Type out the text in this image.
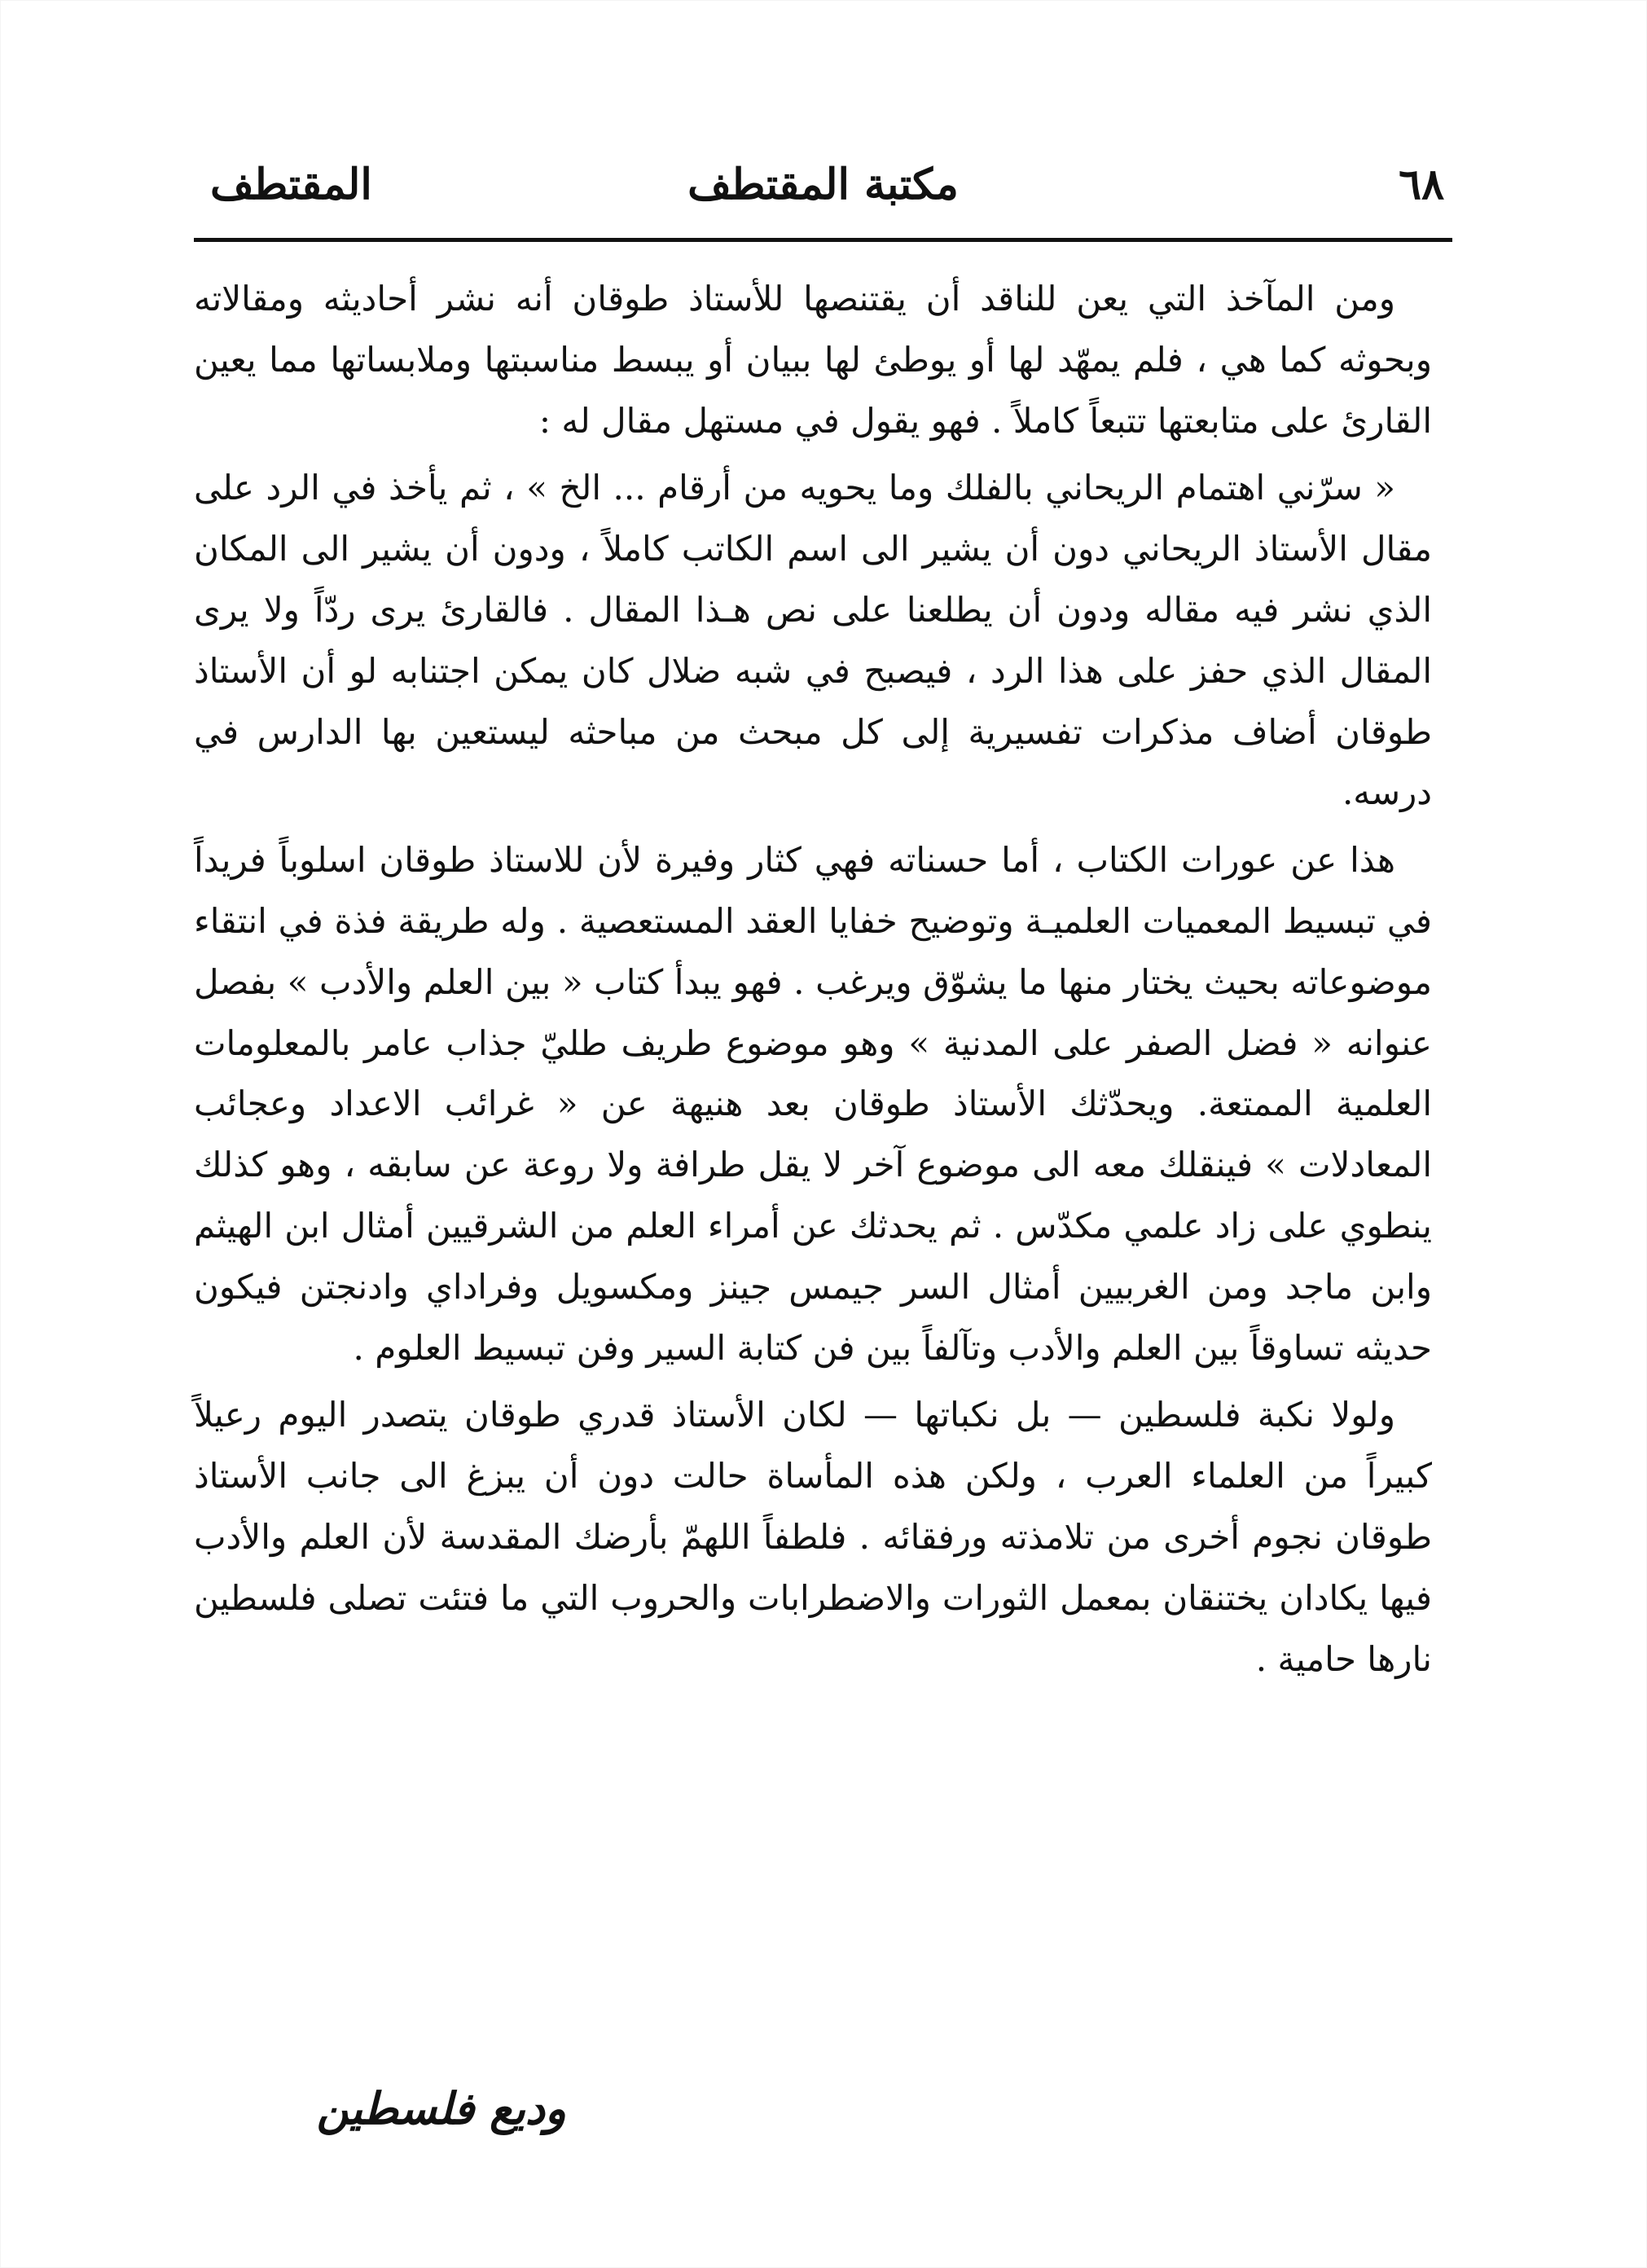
٦٨
مكتبة المقتطف
المقتطف

ومن المآخذ التي يعن للناقد أن يقتنصها للأستاذ طوقان أنه نشر أحاديثه ومقالاته وبحوثه كما هي ، فلم يمهّد لها أو يوطئ لها ببيان أو يبسط مناسبتها وملابساتها مما يعين القارئ على متابعتها تتبعاً كاملاً . فهو يقول في مستهل مقال له :

« سرّني اهتمام الريحاني بالفلك وما يحويه من أرقام ... الخ » ، ثم يأخذ في الرد على مقال الأستاذ الريحاني دون أن يشير الى اسم الكاتب كاملاً ، ودون أن يشير الى المكان الذي نشر فيه مقاله ودون أن يطلعنا على نص هـذا المقال . فالقارئ يرى ردّاً ولا يرى المقال الذي حفز على هذا الرد ، فيصبح في شبه ضلال كان يمكن اجتنابه لو أن الأستاذ طوقان أضاف مذكرات تفسيرية إلى كل مبحث من مباحثه ليستعين بها الدارس في درسه.

هذا عن عورات الكتاب ، أما حسناته فهي كثار وفيرة لأن للاستاذ طوقان اسلوباً فريداً في تبسيط المعميات العلميـة وتوضيح خفايا العقد المستعصية . وله طريقة فذة في انتقاء موضوعاته بحيث يختار منها ما يشوّق ويرغب . فهو يبدأ كتاب « بين العلم والأدب » بفصل عنوانه « فضل الصفر على المدنية » وهو موضوع طريف طليّ جذاب عامر بالمعلومات العلمية الممتعة. ويحدّثك الأستاذ طوقان بعد هنيهة عن « غرائب الاعداد وعجائب المعادلات » فينقلك معه الى موضوع آخر لا يقل طرافة ولا روعة عن سابقه ، وهو كذلك ينطوي على زاد علمي مكدّس . ثم يحدثك عن أمراء العلم من الشرقيين أمثال ابن الهيثم وابن ماجد ومن الغربيين أمثال السر جيمس جينز ومكسويل وفراداي وادنجتن فيكون حديثه تساوقاً بين العلم والأدب وتآلفاً بين فن كتابة السير وفن تبسيط العلوم .

ولولا نكبة فلسطين — بل نكباتها — لكان الأستاذ قدري طوقان يتصدر اليوم رعيلاً كبيراً من العلماء العرب ، ولكن هذه المأساة حالت دون أن يبزغ الى جانب الأستاذ طوقان نجوم أخرى من تلامذته ورفقائه . فلطفاً اللهمّ بأرضك المقدسة لأن العلم والأدب فيها يكادان يختنقان بمعمل الثورات والاضطرابات والحروب التي ما فتئت تصلى فلسطين نارها حامية .

وديع فلسطين
